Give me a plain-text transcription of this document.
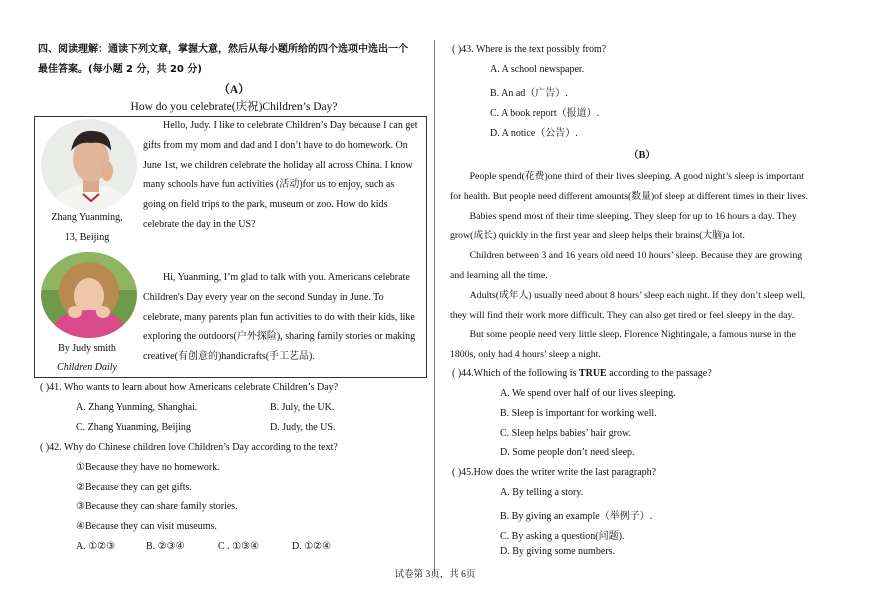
四、阅读理解：通读下列文章，掌握大意，然后从每小题所给的四个选项中选出一个
最佳答案。(每小题 2 分，共 20 分)
（A）
How do you celebrate(庆祝)Children’s Day?
Zhang Yuanming,
13, Beijing
Hello, Judy. I like to celebrate Children’s Day because I can get
gifts from my mom and dad and I don’t have to do homework. On
June 1st, we children celebrate the holiday all across China. I know
many schools have fun activities (活动)for us to enjoy, such as
going on field trips to the park, museum or zoo. How do kids
celebrate the day in the US?
By Judy smith
Children Daily
Hi, Yuanming, I’m glad to talk with you. Americans celebrate
Children's Day every year on the second Sunday in June. To
celebrate, many parents plan fun activities to do with their kids, like
exploring the outdoors(户外探险), sharing family stories or making
creative(有创意的)handicrafts(手工艺品).
( )41. Who wants to learn about how Americans celebrate Children’s Day?
A. Zhang Yunming, Shanghai.	B. July, the UK.
C. Zhang Yuanming, Beijing	D. Judy, the US.
( )42. Why do Chinese children love Children’s Day according to the text?
①Because they have no homework.
②Because they can get gifts.
③Because they can share family stories.
④Because they can visit museums.
A. ①②③	B. ②③④	C . ①③④	D. ①②④
( )43. Where is the text possibly from?
A. A school newspaper.
B. An ad（广告）.
C. A book report（报道）.
D. A notice（公告）.
（B）
People spend(花费)one third of their lives sleeping. A good night’s sleep is important
for health. But people need different amounts(数量)of sleep at different times in their lives.
Babies spend most of their time sleeping. They sleep for up to 16 hours a day. They
grow(成长) quickly in the first year and sleep helps their brains(大脑)a lot.
Children between 3 and 16 years old need 10 hours’ sleep. Because they are growing
and learning all the time.
Adults(成年人) usually need about 8 hours’ sleep each night. If they don’t sleep well,
they will find their work more difficult. They can also get tired or feel sleepy in the day.
But some people need very little sleep. Florence Nightingale, a famous nurse in the
1800s, only had 4 hours’ sleep a night.
( )44.Which of the following is TRUE according to the passage?
A. We spend over half of our lives sleeping.
B. Sleep is important for working well.
C. Sleep helps babies’ hair grow.
D. Some people don’t need sleep.
( )45.How does the writer write the last paragraph?
A. By telling a story.
B. By giving an example（举例子）.
C. By asking a question(问题).
D. By giving some numbers.
试卷第 3页，共 6页
